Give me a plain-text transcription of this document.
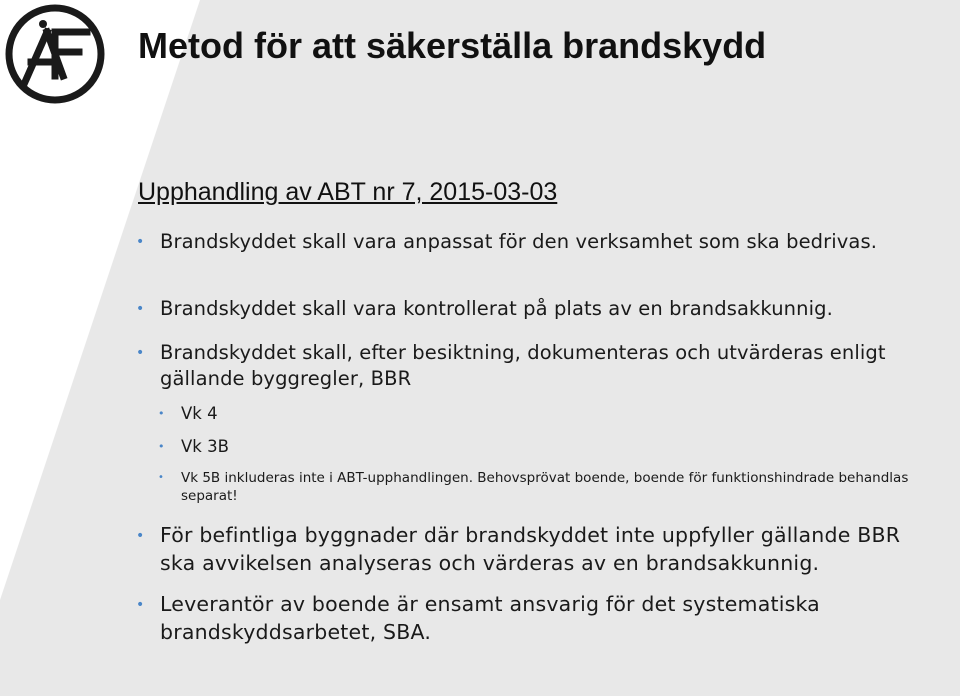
Metod för att säkerställa brandskydd
Upphandling av ABT nr 7, 2015-03-03
• Brandskyddet skall vara anpassat för den verksamhet som ska bedrivas.
• Brandskyddet skall vara kontrollerat på plats av en brandsakkunnig.
• Brandskyddet skall, efter besiktning, dokumenteras och utvärderas enligt gällande byggregler, BBR
• Vk 4
• Vk 3B
• Vk 5B inkluderas inte i ABT-upphandlingen. Behovsprövat boende, boende för funktionshindrade behandlas separat!
• För befintliga byggnader där brandskyddet inte uppfyller gällande BBR ska avvikelsen analyseras och värderas av en brandsakkunnig.
• Leverantör av boende är ensamt ansvarig för det systematiska brandskyddsarbetet, SBA.
